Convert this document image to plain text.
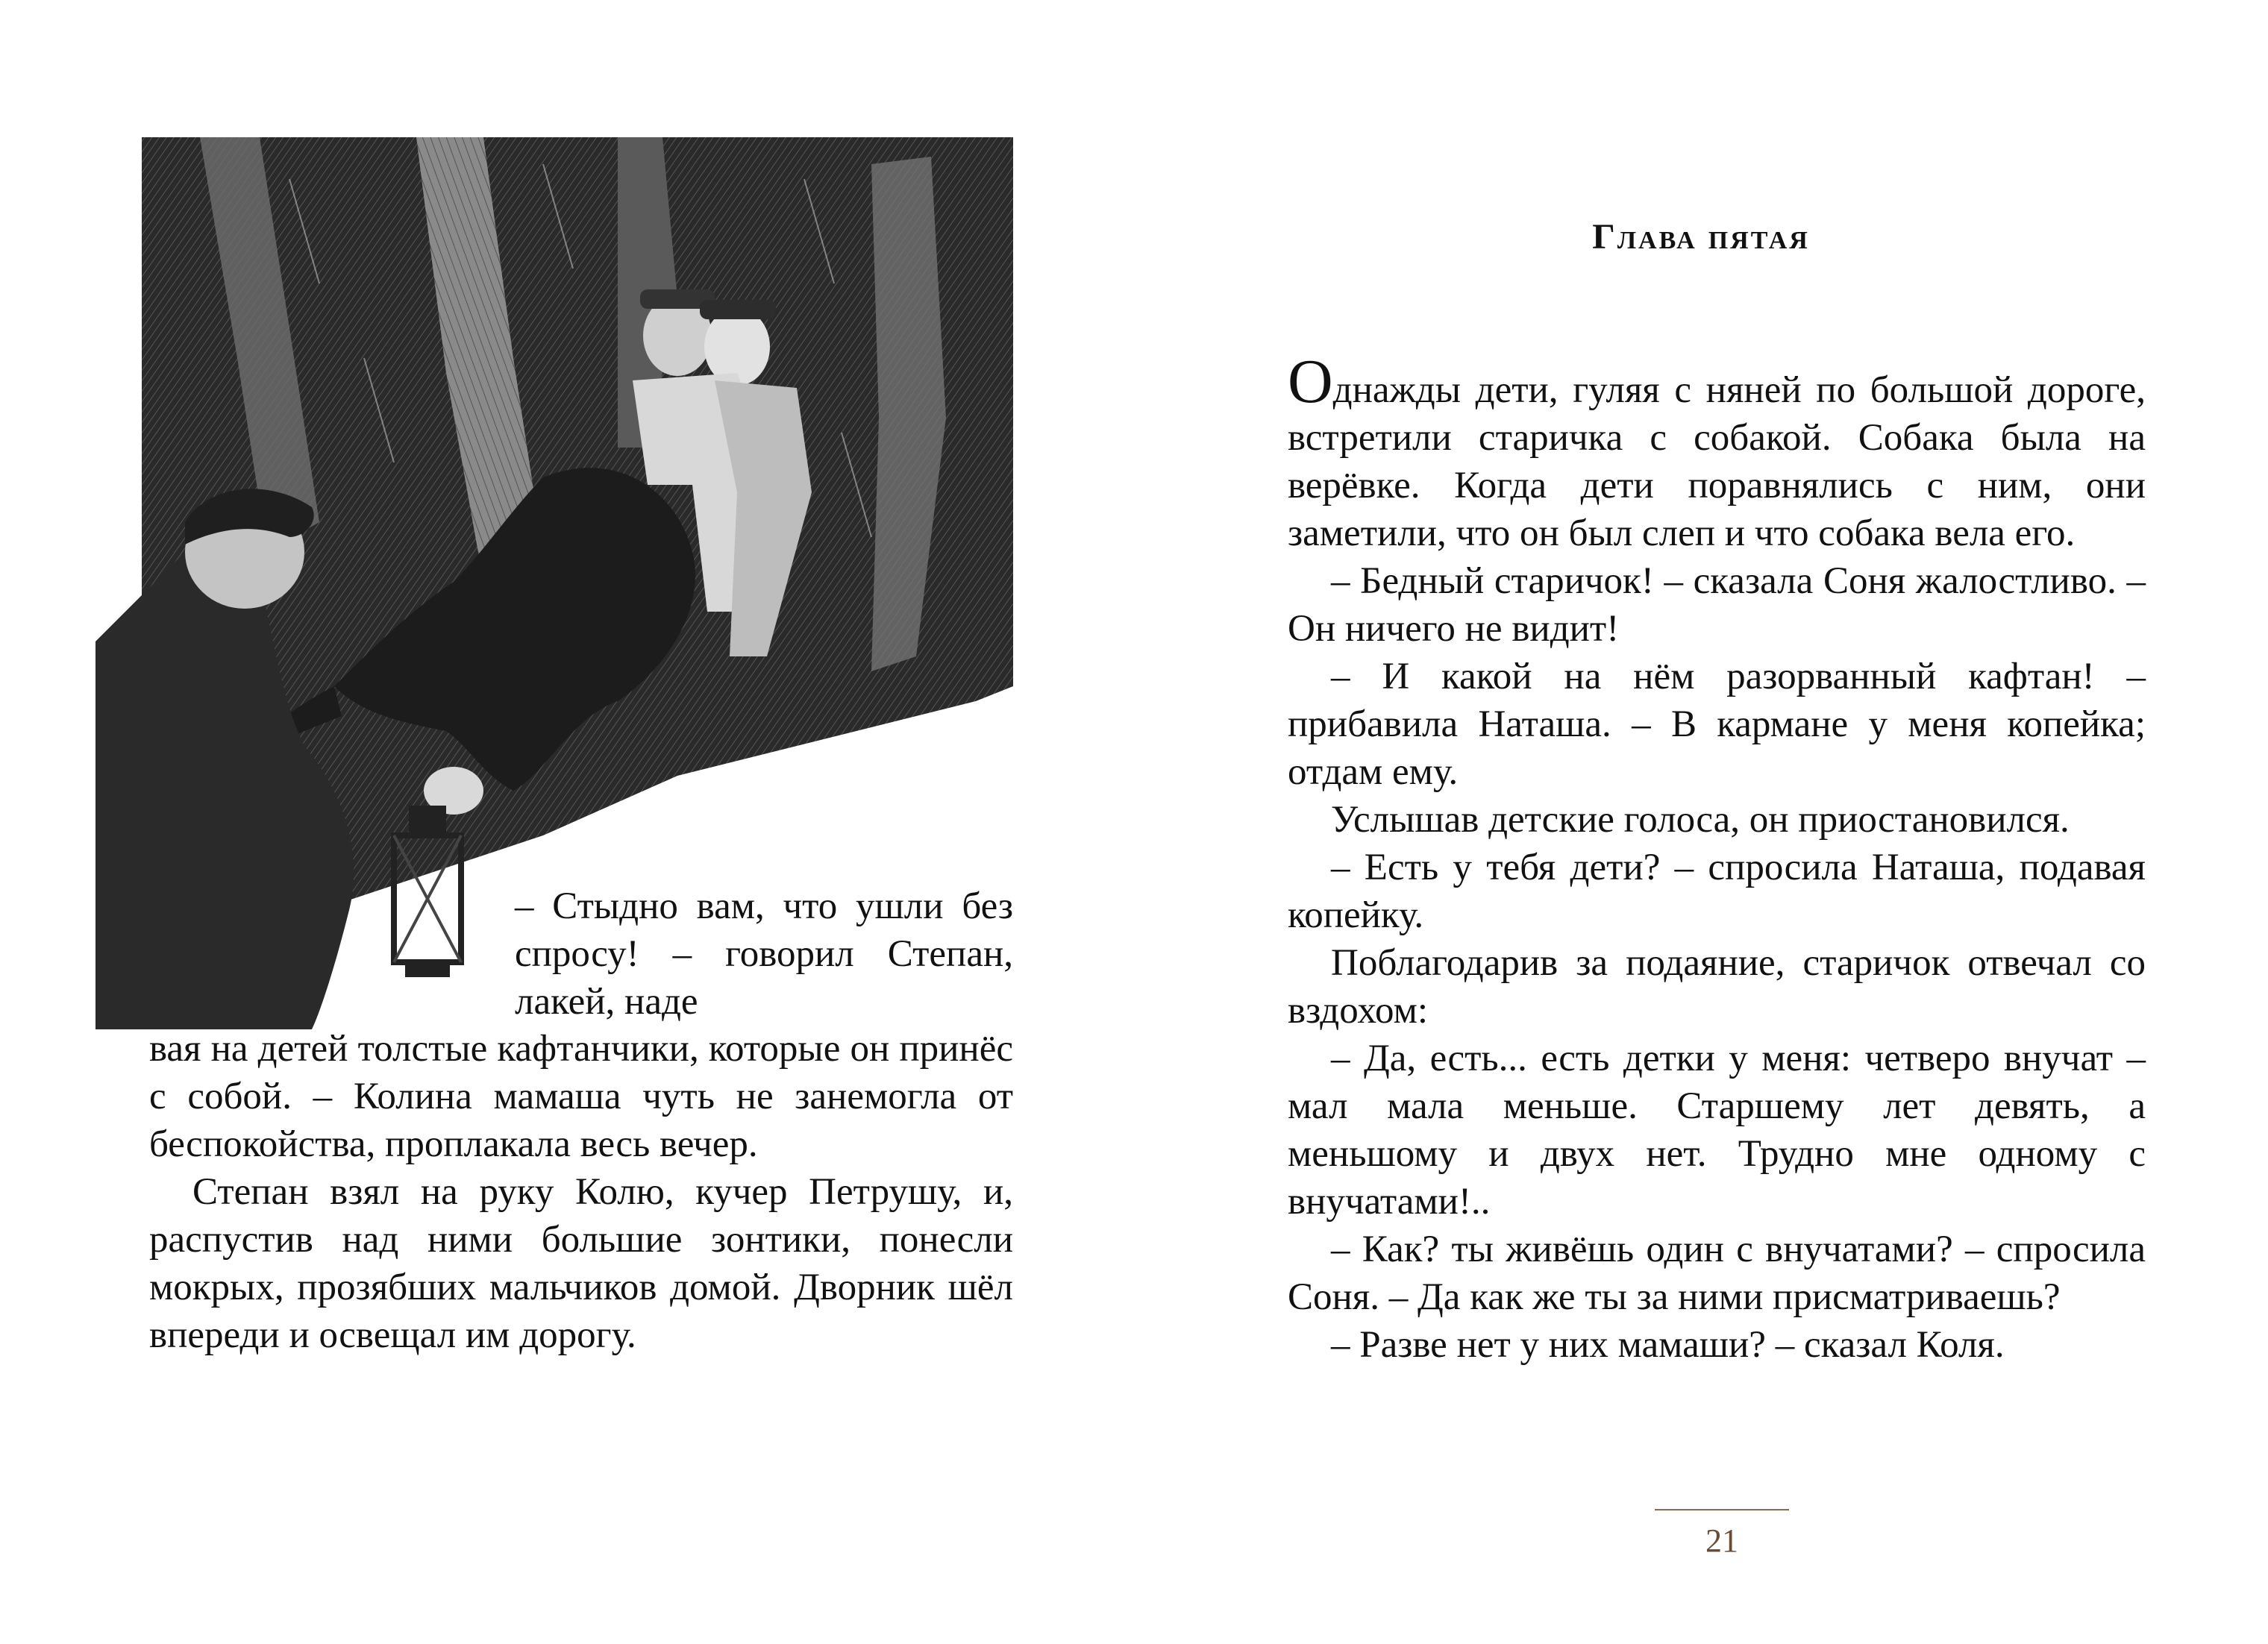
– Стыдно вам, что ушли без спросу! – говорил Степан, лакей, наде

вая на детей толстые кафтанчики, которые он принёс с собой. – Колина мамаша чуть не занемогла от беспокойства, проплакала весь вечер.

Степан взял на руку Колю, кучер Петрушу, и, распустив над ними большие зонтики, понесли мокрых, прозябших мальчиков домой. Дворник шёл впереди и освещал им дорогу.

Глава пятая

Однажды дети, гуляя с няней по большой дороге, встретили старичка с собакой. Собака была на верёвке. Когда дети поравнялись с ним, они заметили, что он был слеп и что собака вела его.

– Бедный старичок! – сказала Соня жалостливо. – Он ничего не видит!

– И какой на нём разорванный кафтан! – прибавила Наташа. – В кармане у меня копейка; отдам ему.

Услышав детские голоса, он приостановился.

– Есть у тебя дети? – спросила Наташа, подавая копейку.

Поблагодарив за подаяние, старичок отвечал со вздохом:

– Да, есть... есть детки у меня: четверо внучат – мал мала меньше. Старшему лет девять, а меньшому и двух нет. Трудно мне одному с внучатами!..

– Как? ты живёшь один с внучатами? – спросила Соня. – Да как же ты за ними присматриваешь?

– Разве нет у них мамаши? – сказал Коля.

21
